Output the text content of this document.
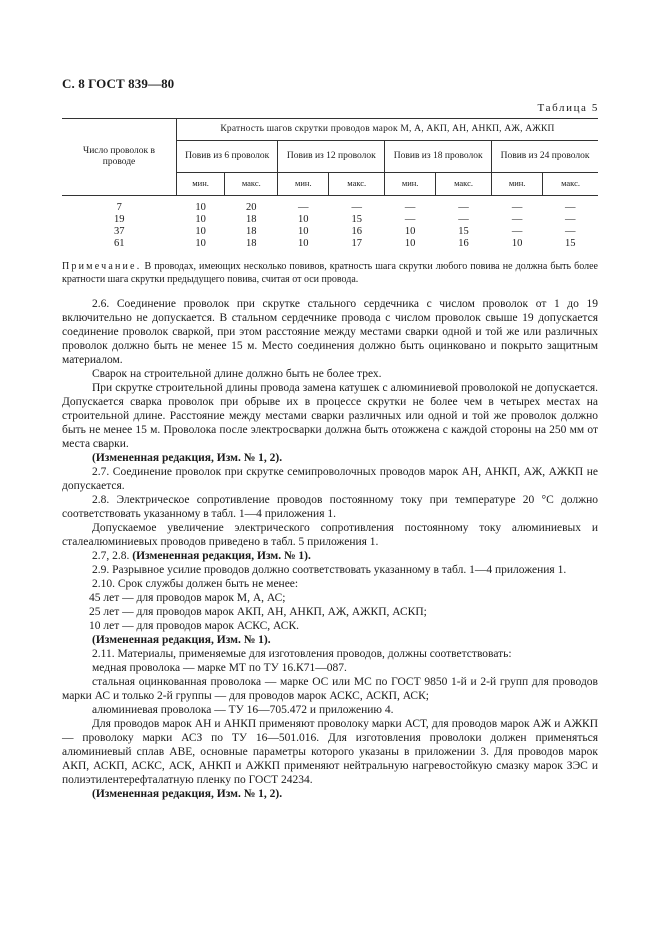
С. 8 ГОСТ 839—80
Таблица 5
Число проволок в проводе	Кратность шагов скрутки проводов марок М, А, АКП, АН, АНКП, АЖ, АЖКП							
	Повив из 6 проволок		Повив из 12 проволок		Повив из 18 проволок		Повив из 24 проволок	
	мин.	макс.	мин.	макс.	мин.	макс.	мин.	макс.
7	10	20	—	—	—	—	—	—
19	10	18	10	15	—	—	—	—
37	10	18	10	16	10	15	—	—
61	10	18	10	17	10	16	10	15
Примечание. В проводах, имеющих несколько повивов, кратность шага скрутки любого повива не должна быть более кратности шага скрутки предыдущего повива, считая от оси провода.

2.6. Соединение проволок при скрутке стального сердечника с числом проволок от 1 до 19 включительно не допускается. В стальном сердечнике провода с числом проволок свыше 19 допускается соединение проволок сваркой, при этом расстояние между местами сварки одной и той же или различных проволок должно быть не менее 15 м. Место соединения должно быть оцинковано и покрыто защитным материалом.

Сварок на строительной длине должно быть не более трех.

При скрутке строительной длины провода замена катушек с алюминиевой проволокой не допускается. Допускается сварка проволок при обрыве их в процессе скрутки не более чем в четырех местах на строительной длине. Расстояние между местами сварки различных или одной и той же проволок должно быть не менее 15 м. Проволока после электросварки должна быть отожжена с каждой стороны на 250 мм от места сварки.

(Измененная редакция, Изм. № 1, 2).

2.7. Соединение проволок при скрутке семипроволочных проводов марок АН, АНКП, АЖ, АЖКП не допускается.

2.8. Электрическое сопротивление проводов постоянному току при температуре 20 °С должно соответствовать указанному в табл. 1—4 приложения 1.

Допускаемое увеличение электрического сопротивления постоянному току алюминиевых и сталеалюминиевых проводов приведено в табл. 5 приложения 1.

2.7, 2.8. (Измененная редакция, Изм. № 1).

2.9. Разрывное усилие проводов должно соответствовать указанному в табл. 1—4 приложения 1.

2.10. Срок службы должен быть не менее:

45 лет — для проводов марок М, А, АС;

25 лет — для проводов марок АКП, АН, АНКП, АЖ, АЖКП, АСКП;

10 лет — для проводов марок АСКС, АСК.

(Измененная редакция, Изм. № 1).

2.11. Материалы, применяемые для изготовления проводов, должны соответствовать:

медная проволока — марке МТ по ТУ 16.К71—087.

стальная оцинкованная проволока — марке ОС или МС по ГОСТ 9850 1-й и 2-й групп для проводов марки АС и только 2-й группы — для проводов марок АСКС, АСКП, АСК;

алюминиевая проволока — ТУ 16—705.472 и приложению 4.

Для проводов марок АН и АНКП применяют проволоку марки АСТ, для проводов марок АЖ и АЖКП — проволоку марки АСЗ по ТУ 16—501.016. Для изготовления проволоки должен применяться алюминиевый сплав АВЕ, основные параметры которого указаны в приложении 3. Для проводов марок АКП, АСКП, АСКС, АСК, АНКП и АЖКП применяют нейтральную нагревостойкую смазку марок ЗЭС и полиэтилентерефталатную пленку по ГОСТ 24234.

(Измененная редакция, Изм. № 1, 2).
